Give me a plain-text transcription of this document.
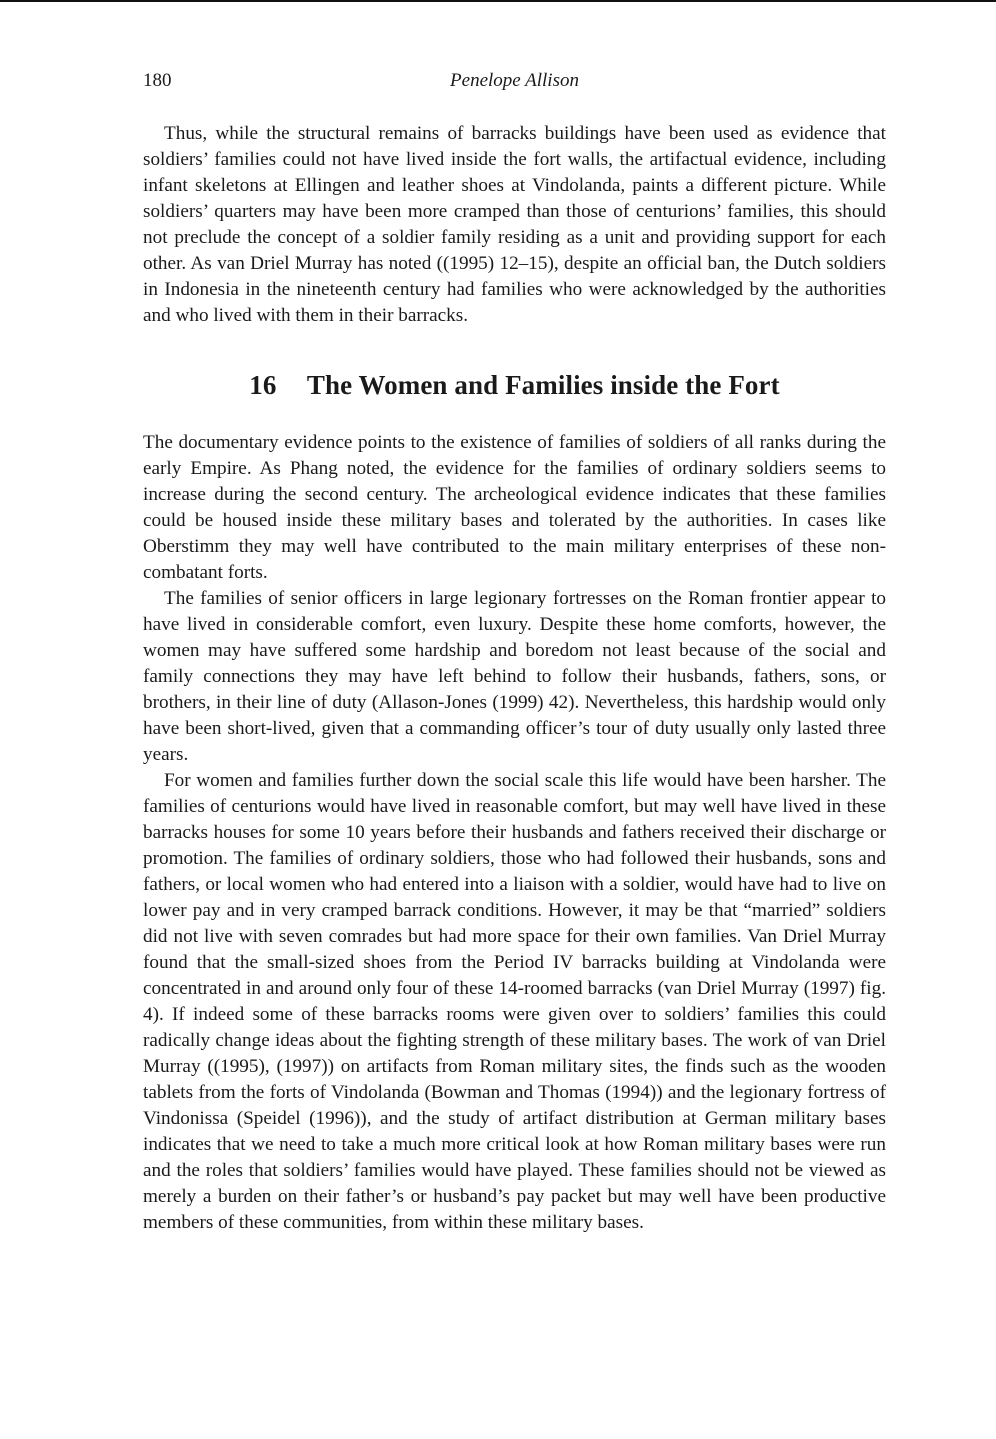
180	Penelope Allison

Thus, while the structural remains of barracks buildings have been used as evidence that soldiers’ families could not have lived inside the fort walls, the artifactual evidence, including infant skeletons at Ellingen and leather shoes at Vindolanda, paints a different picture. While soldiers’ quarters may have been more cramped than those of centurions’ families, this should not preclude the concept of a soldier family residing as a unit and providing support for each other. As van Driel Murray has noted ((1995) 12–15), despite an official ban, the Dutch soldiers in Indonesia in the nineteenth century had families who were acknowledged by the authorities and who lived with them in their barracks.

16 The Women and Families inside the Fort

The documentary evidence points to the existence of families of soldiers of all ranks during the early Empire. As Phang noted, the evidence for the families of ordinary soldiers seems to increase during the second century. The archeological evidence indicates that these families could be housed inside these military bases and tolerated by the authorities. In cases like Oberstimm they may well have contributed to the main military enterprises of these non-combatant forts.

The families of senior officers in large legionary fortresses on the Roman frontier appear to have lived in considerable comfort, even luxury. Despite these home comforts, however, the women may have suffered some hardship and boredom not least because of the social and family connections they may have left behind to follow their husbands, fathers, sons, or brothers, in their line of duty (Allason-Jones (1999) 42). Nevertheless, this hardship would only have been short-lived, given that a commanding officer’s tour of duty usually only lasted three years.

For women and families further down the social scale this life would have been harsher. The families of centurions would have lived in reasonable comfort, but may well have lived in these barracks houses for some 10 years before their husbands and fathers received their discharge or promotion. The families of ordinary soldiers, those who had followed their husbands, sons and fathers, or local women who had entered into a liaison with a soldier, would have had to live on lower pay and in very cramped barrack conditions. However, it may be that “married” soldiers did not live with seven comrades but had more space for their own families. Van Driel Murray found that the small-sized shoes from the Period IV barracks building at Vindolanda were concentrated in and around only four of these 14-roomed barracks (van Driel Murray (1997) fig. 4). If indeed some of these barracks rooms were given over to soldiers’ families this could radically change ideas about the fighting strength of these military bases. The work of van Driel Murray ((1995), (1997)) on artifacts from Roman military sites, the finds such as the wooden tablets from the forts of Vindolanda (Bowman and Thomas (1994)) and the legionary fortress of Vindonissa (Speidel (1996)), and the study of artifact distribution at German military bases indicates that we need to take a much more critical look at how Roman military bases were run and the roles that soldiers’ families would have played. These families should not be viewed as merely a burden on their father’s or husband’s pay packet but may well have been productive members of these communities, from within these military bases.
